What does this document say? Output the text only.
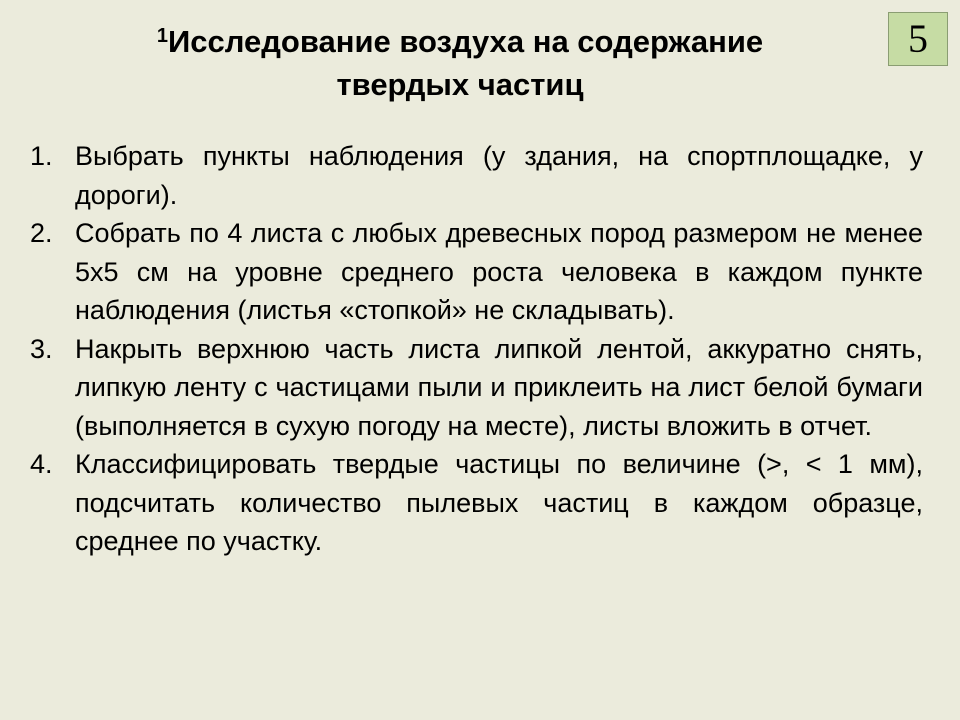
5
$^1$Исследование воздуха на содержание
твердых частиц
1. Выбрать пункты наблюдения (у здания, на спортплощадке, у дороги).
2. Собрать по 4 листа с любых древесных пород размером не менее 5х5 см на уровне среднего роста человека в каждом пункте наблюдения (листья «стопкой» не складывать).
3. Накрыть верхнюю часть листа липкой лентой, аккуратно снять, липкую ленту с частицами пыли и приклеить на лист белой бумаги (выполняется в сухую погоду на месте), листы вложить в отчет.
4. Классифицировать твердые частицы по величине (>, < 1 мм), подсчитать количество пылевых частиц в каждом образце, среднее по участку.
